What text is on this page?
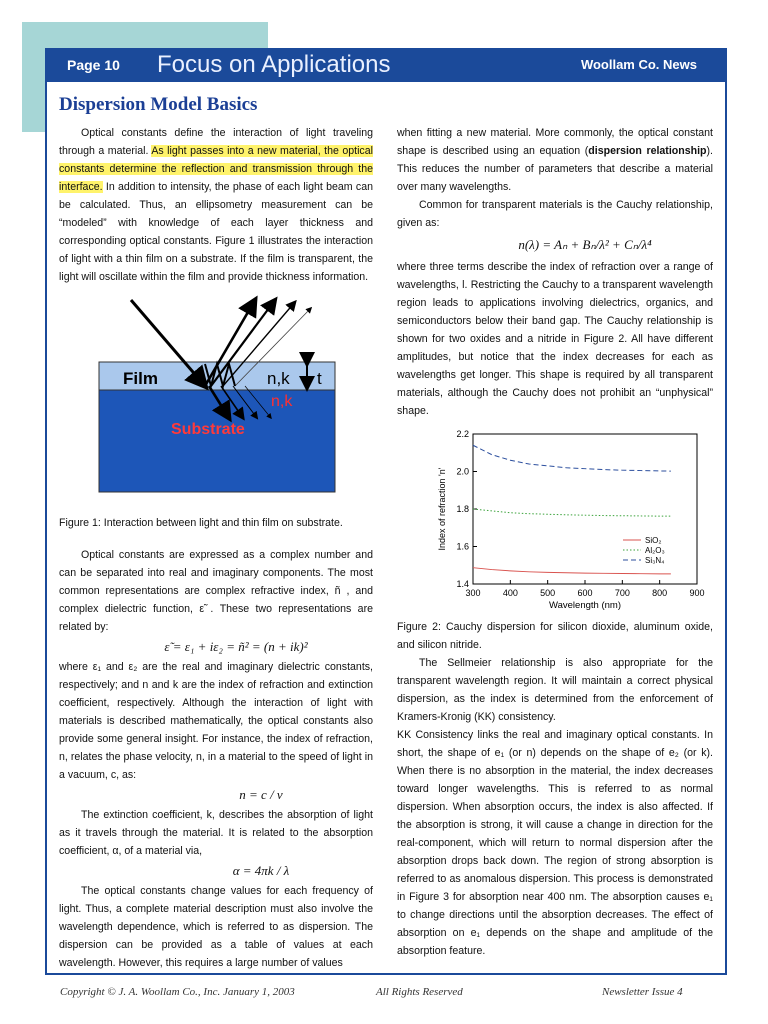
Page 10 Focus on Applications	Woollam Co. News
Dispersion Model Basics

Optical constants define the interaction of light traveling through a material. As light passes into a new material, the optical constants determine the reflection and transmission through the interface. In addition to intensity, the phase of each light beam can be calculated. Thus, an ellipsometry measurement can be “modeled” with knowledge of each layer thickness and corresponding optical constants. Figure 1 illustrates the interaction of light with a thin film on a substrate. If the film is transparent, the light will oscillate within the film and provide thickness information.

Film	n,k t
n,k
Substrate

Figure 1: Interaction between light and thin film on substrate.

Optical constants are expressed as a complex number and can be separated into real and imaginary components. The most common representations are complex refractive index, ñ , and complex dielectric function, ε̃ . These two representations are related by:

ε̃ = ε₁ + iε₂ = ñ² = (n + ik)²

where ε₁ and ε₂ are the real and imaginary dielectric constants, respectively; and n and k are the index of refraction and extinction coefficient, respectively. Although the interaction of light with materials is described mathematically, the optical constants also provide some general insight. For instance, the index of refraction, n, relates the phase velocity, n, in a material to the speed of light in a vacuum, c, as:

n = c / v

The extinction coefficient, k, describes the absorption of light as it travels through the material. It is related to the absorption coefficient, α, of a material via,

α = 4πk / λ

The optical constants change values for each frequency of light. Thus, a complete material description must also involve the wavelength dependence, which is referred to as dispersion. The dispersion can be provided as a table of values at each wavelength. However, this requires a large number of values

when fitting a new material. More commonly, the optical constant shape is described using an equation (dispersion relationship). This reduces the number of parameters that describe a material over many wavelengths.

Common for transparent materials is the Cauchy relationship, given as:

n(λ) = Aₙ + Bₙ/λ² + Cₙ/λ⁴

where three terms describe the index of refraction over a range of wavelengths, l. Restricting the Cauchy to a transparent wavelength region leads to applications involving dielectrics, organics, and semiconductors below their band gap. The Cauchy relationship is shown for two oxides and a nitride in Figure 2. All have different amplitudes, but notice that the index decreases for each as wavelengths get longer. This shape is required by all transparent materials, although the Cauchy does not prohibit an “unphysical” shape.

300 400 500 600 700 800 900
1.4
1.6
1.8
2.0
2.2
Wavelength (nm)
Index of refraction 'n'	SiO₂
Al₂O₃
Si₃N₄

Figure 2: Cauchy dispersion for silicon dioxide, aluminum oxide, and silicon nitride.

The Sellmeier relationship is also appropriate for the transparent wavelength region. It will maintain a correct physical dispersion, as the index is determined from the enforcement of Kramers-Kronig (KK) consistency.

KK Consistency links the real and imaginary optical constants. In short, the shape of e₁ (or n) depends on the shape of e₂ (or k). When there is no absorption in the material, the index decreases toward longer wavelengths. This is referred to as normal dispersion. When absorption occurs, the index is also affected. If the absorption is strong, it will cause a change in direction for the real-component, which will return to normal dispersion after the absorption drops back down. The region of strong absorption is referred to as anomalous dispersion. This process is demonstrated in Figure 3 for absorption near 400 nm. The absorption causes e₁ to change directions until the absorption decreases. The effect of absorption on e₁ depends on the shape and amplitude of the absorption feature.

Copyright © J. A. Woollam Co., Inc. January 1, 2003	All Rights Reserved	Newsletter Issue 4
